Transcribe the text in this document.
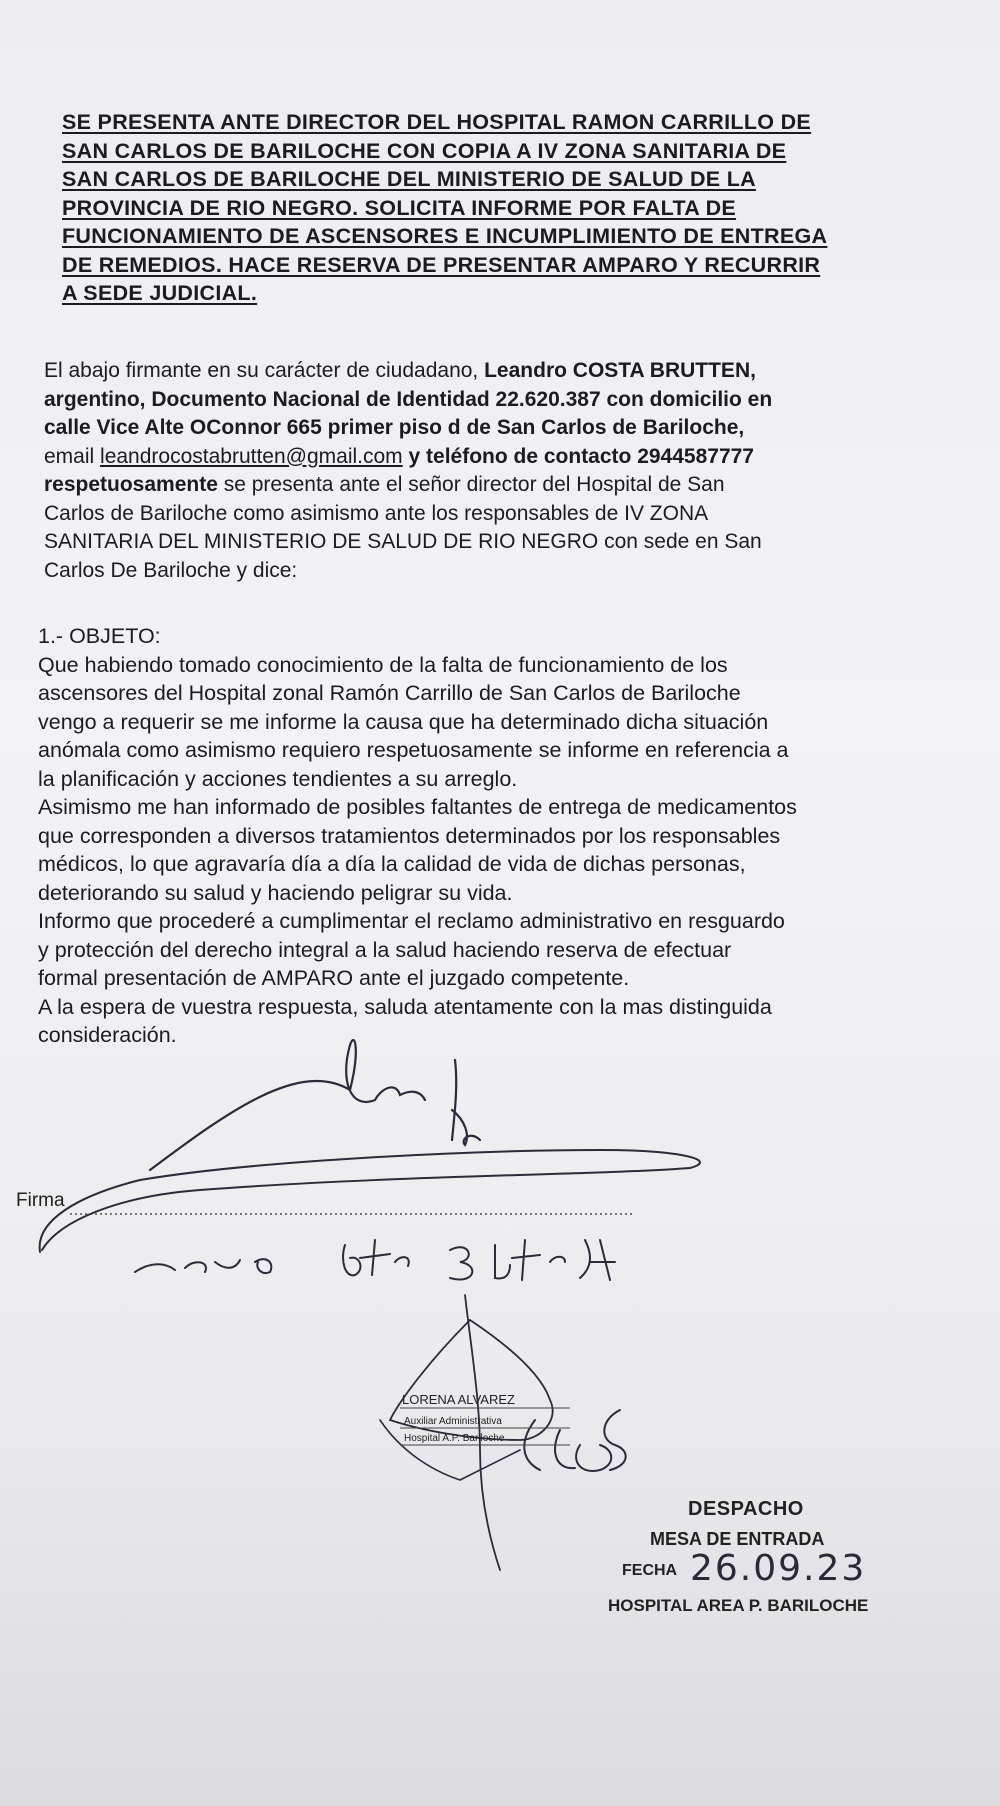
SE PRESENTA ANTE DIRECTOR DEL HOSPITAL RAMON CARRILLO DE
SAN CARLOS DE BARILOCHE CON COPIA A IV ZONA SANITARIA DE
SAN CARLOS DE BARILOCHE DEL MINISTERIO DE SALUD DE LA
PROVINCIA DE RIO NEGRO. SOLICITA INFORME POR FALTA DE
FUNCIONAMIENTO DE ASCENSORES E INCUMPLIMIENTO DE ENTREGA
DE REMEDIOS. HACE RESERVA DE PRESENTAR AMPARO Y RECURRIR
A SEDE JUDICIAL.
El abajo firmante en su carácter de ciudadano, Leandro COSTA BRUTTEN,
argentino, Documento Nacional de Identidad 22.620.387 con domicilio en
calle Vice Alte OConnor 665 primer piso d de San Carlos de Bariloche,
email leandrocostabrutten@gmail.com y teléfono de contacto 2944587777
respetuosamente se presenta ante el señor director del Hospital de San
Carlos de Bariloche como asimismo ante los responsables de IV ZONA
SANITARIA DEL MINISTERIO DE SALUD DE RIO NEGRO con sede en San
Carlos De Bariloche y dice:
1.- OBJETO:
Que habiendo tomado conocimiento de la falta de funcionamiento de los
ascensores del Hospital zonal Ramón Carrillo de San Carlos de Bariloche
vengo a requerir se me informe la causa que ha determinado dicha situación
anómala como asimismo requiero respetuosamente se informe en referencia a
la planificación y acciones tendientes a su arreglo.
Asimismo me han informado de posibles faltantes de entrega de medicamentos
que corresponden a diversos tratamientos determinados por los responsables
médicos, lo que agravaría día a día la calidad de vida de dichas personas,
deteriorando su salud y haciendo peligrar su vida.
Informo que procederé a cumplimentar el reclamo administrativo en resguardo
y protección del derecho integral a la salud haciendo reserva de efectuar
formal presentación de AMPARO ante el juzgado competente.
A la espera de vuestra respuesta, saluda atentamente con la mas distinguida
consideración.
Firma
LORENA ALVAREZ
Auxiliar Administrativa
Hospital A.P. Bariloche
DESPACHO
MESA DE ENTRADA
FECHA 26.09.23
HOSPITAL AREA P. BARILOCHE
